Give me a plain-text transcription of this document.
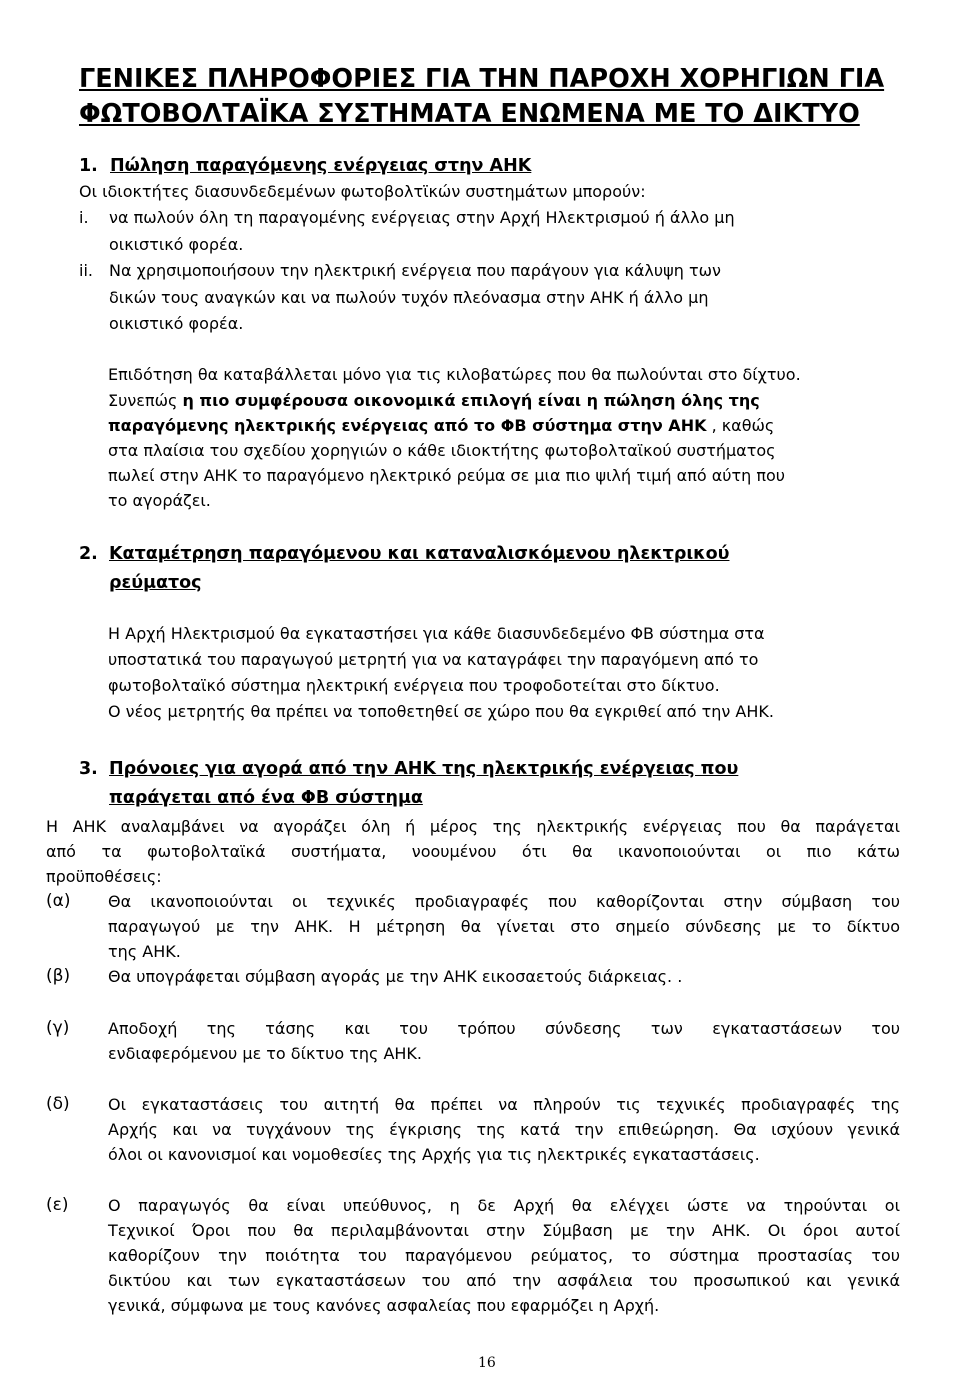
ΓΕΝΙΚΕΣ ΠΛΗΡΟΦΟΡΙΕΣ ΓΙΑ ΤΗΝ ΠΑΡΟΧΗ ΧΟΡΗΓΙΩΝ ΓΙΑ

ΦΩΤΟΒΟΛΤΑΪΚΑ ΣΥΣΤΗΜΑΤΑ ΕΝΩΜΕΝΑ ΜΕ ΤΟ ΔΙΚΤΥΟ

1. Πώληση παραγόμενης ενέργειας στην ΑΗΚ

Οι ιδιοκτήτες διασυνδεδεμένων φωτοβολτϊκών συστημάτων μπορούν:

i. να πωλούν όλη τη παραγομένης ενέργειας στην Αρχή Ηλεκτρισμού ή άλλο μη

οικιστικό φορέα.

ii. Να χρησιμοποιήσουν την ηλεκτρική ενέργεια που παράγουν για κάλυψη των

δικών τους αναγκών και να πωλούν τυχόν πλεόνασμα στην ΑΗΚ ή άλλο μη

οικιστικό φορέα.

Επιδότηση θα καταβάλλεται μόνο για τις κιλοβατώρες που θα πωλούνται στο δίχτυο.

Συνεπώς η πιο συμφέρουσα οικονομικά επιλογή είναι η πώληση όλης της

παραγόμενης ηλεκτρικής ενέργειας από το ΦΒ σύστημα στην ΑΗΚ , καθώς

στα πλαίσια του σχεδίου χορηγιών ο κάθε ιδιοκτήτης φωτοβολταϊκού συστήματος

πωλεί στην ΑΗΚ το παραγόμενο ηλεκτρικό ρεύμα σε μια πιο ψιλή τιμή από αύτη που

το αγοράζει.

2. Καταμέτρηση παραγόμενου και καταναλισκόμενου ηλεκτρικού

ρεύματος

Η Αρχή Ηλεκτρισμού θα εγκαταστήσει για κάθε διασυνδεδεμένο ΦΒ σύστημα στα

υποστατικά του παραγωγού μετρητή για να καταγράφει την παραγόμενη από το

φωτοβολταϊκό σύστημα ηλεκτρική ενέργεια που τροφοδοτείται στο δίκτυο.

Ο νέος μετρητής θα πρέπει να τοποθετηθεί σε χώρο που θα εγκριθεί από την ΑΗΚ.

3. Πρόνοιες για αγορά από την ΑΗΚ της ηλεκτρικής ενέργειας που

παράγεται από ένα ΦΒ σύστημα

Η ΑΗΚ αναλαμβάνει να αγοράζει όλη ή μέρος της ηλεκτρικής ενέργειας που θα παράγεται

από τα φωτοβολταϊκά συστήματα, νοουμένου ότι θα ικανοποιούνται οι πιο κάτω

προϋποθέσεις:

(α) Θα ικανοποιούνται οι τεχνικές προδιαγραφές που καθορίζονται στην σύμβαση του

παραγωγού με την ΑΗΚ. Η μέτρηση θα γίνεται στο σημείο σύνδεσης με το δίκτυο

της ΑΗΚ.

(β) Θα υπογράφεται σύμβαση αγοράς με την ΑΗΚ εικοσαετούς διάρκειας. .

(γ) Αποδοχή της τάσης και του τρόπου σύνδεσης των εγκαταστάσεων του

ενδιαφερόμενου με το δίκτυο της ΑΗΚ.

(δ) Οι εγκαταστάσεις του αιτητή θα πρέπει να πληρούν τις τεχνικές προδιαγραφές της

Αρχής και να τυγχάνουν της έγκρισης της κατά την επιθεώρηση. Θα ισχύουν γενικά

όλοι οι κανονισμοί και νομοθεσίες της Αρχής για τις ηλεκτρικές εγκαταστάσεις.

(ε) Ο παραγωγός θα είναι υπεύθυνος, η δε Αρχή θα ελέγχει ώστε να τηρούνται οι

Τεχνικοί Όροι που θα περιλαμβάνονται στην Σύμβαση με την ΑΗΚ. Οι όροι αυτοί

καθορίζουν την ποιότητα του παραγόμενου ρεύματος, το σύστημα προστασίας του

δικτύου και των εγκαταστάσεων του από την ασφάλεια του προσωπικού και γενικά

γενικά, σύμφωνα με τους κανόνες ασφαλείας που εφαρμόζει η Αρχή.

16
